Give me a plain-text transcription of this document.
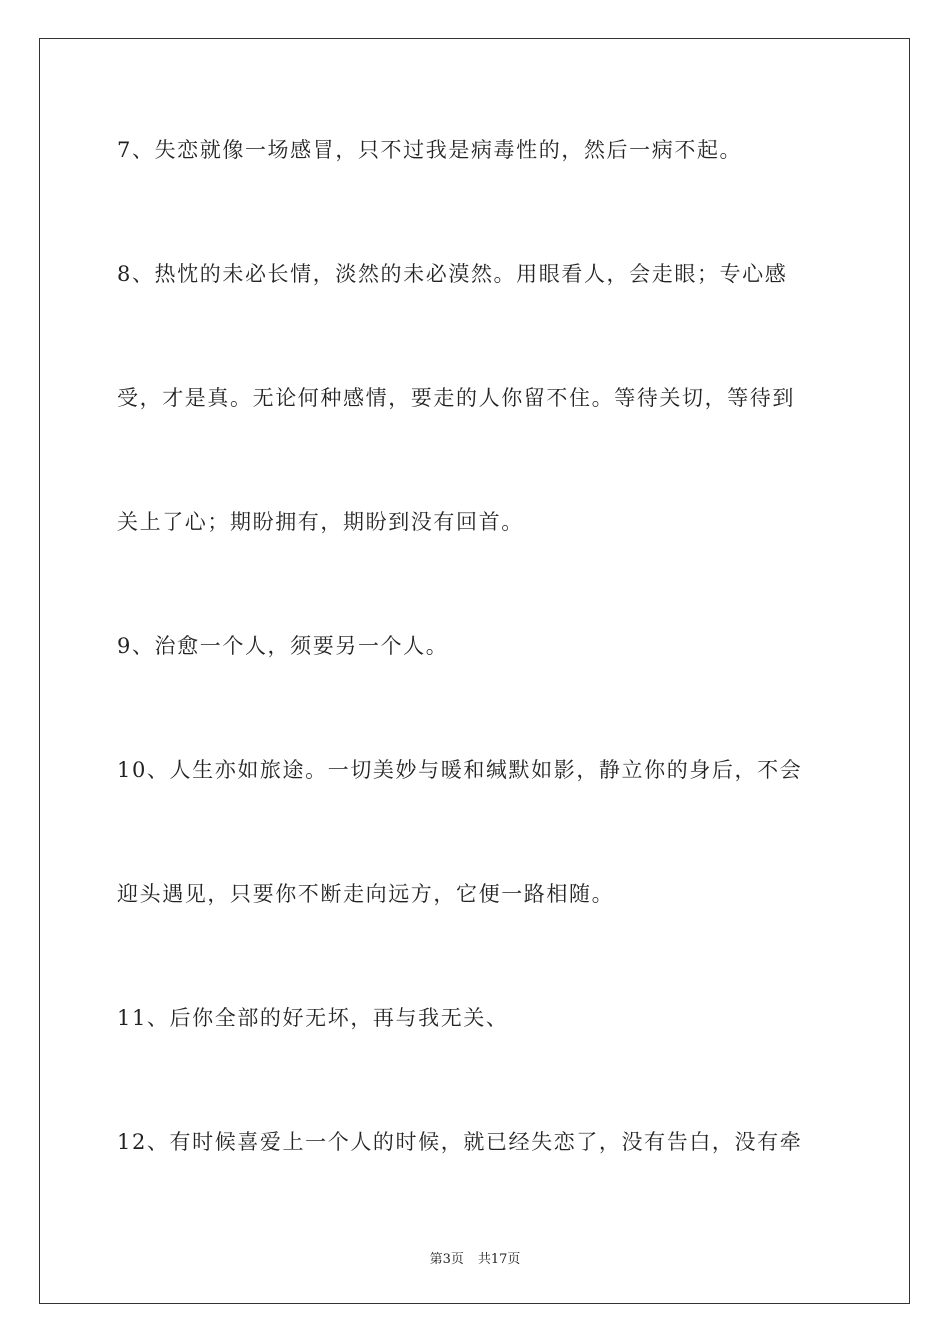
7、失恋就像一场感冒，只不过我是病毒性的，然后一病不起。
8、热忱的未必长情，淡然的未必漠然。用眼看人，会走眼；专心感
受，才是真。无论何种感情，要走的人你留不住。等待关切，等待到
关上了心；期盼拥有，期盼到没有回首。
9、治愈一个人，须要另一个人。
10、人生亦如旅途。一切美妙与暖和缄默如影，静立你的身后，不会
迎头遇见，只要你不断走向远方，它便一路相随。
11、后你全部的好无坏，再与我无关、
12、有时候喜爱上一个人的时候，就已经失恋了，没有告白，没有牵
第3页 共17页
